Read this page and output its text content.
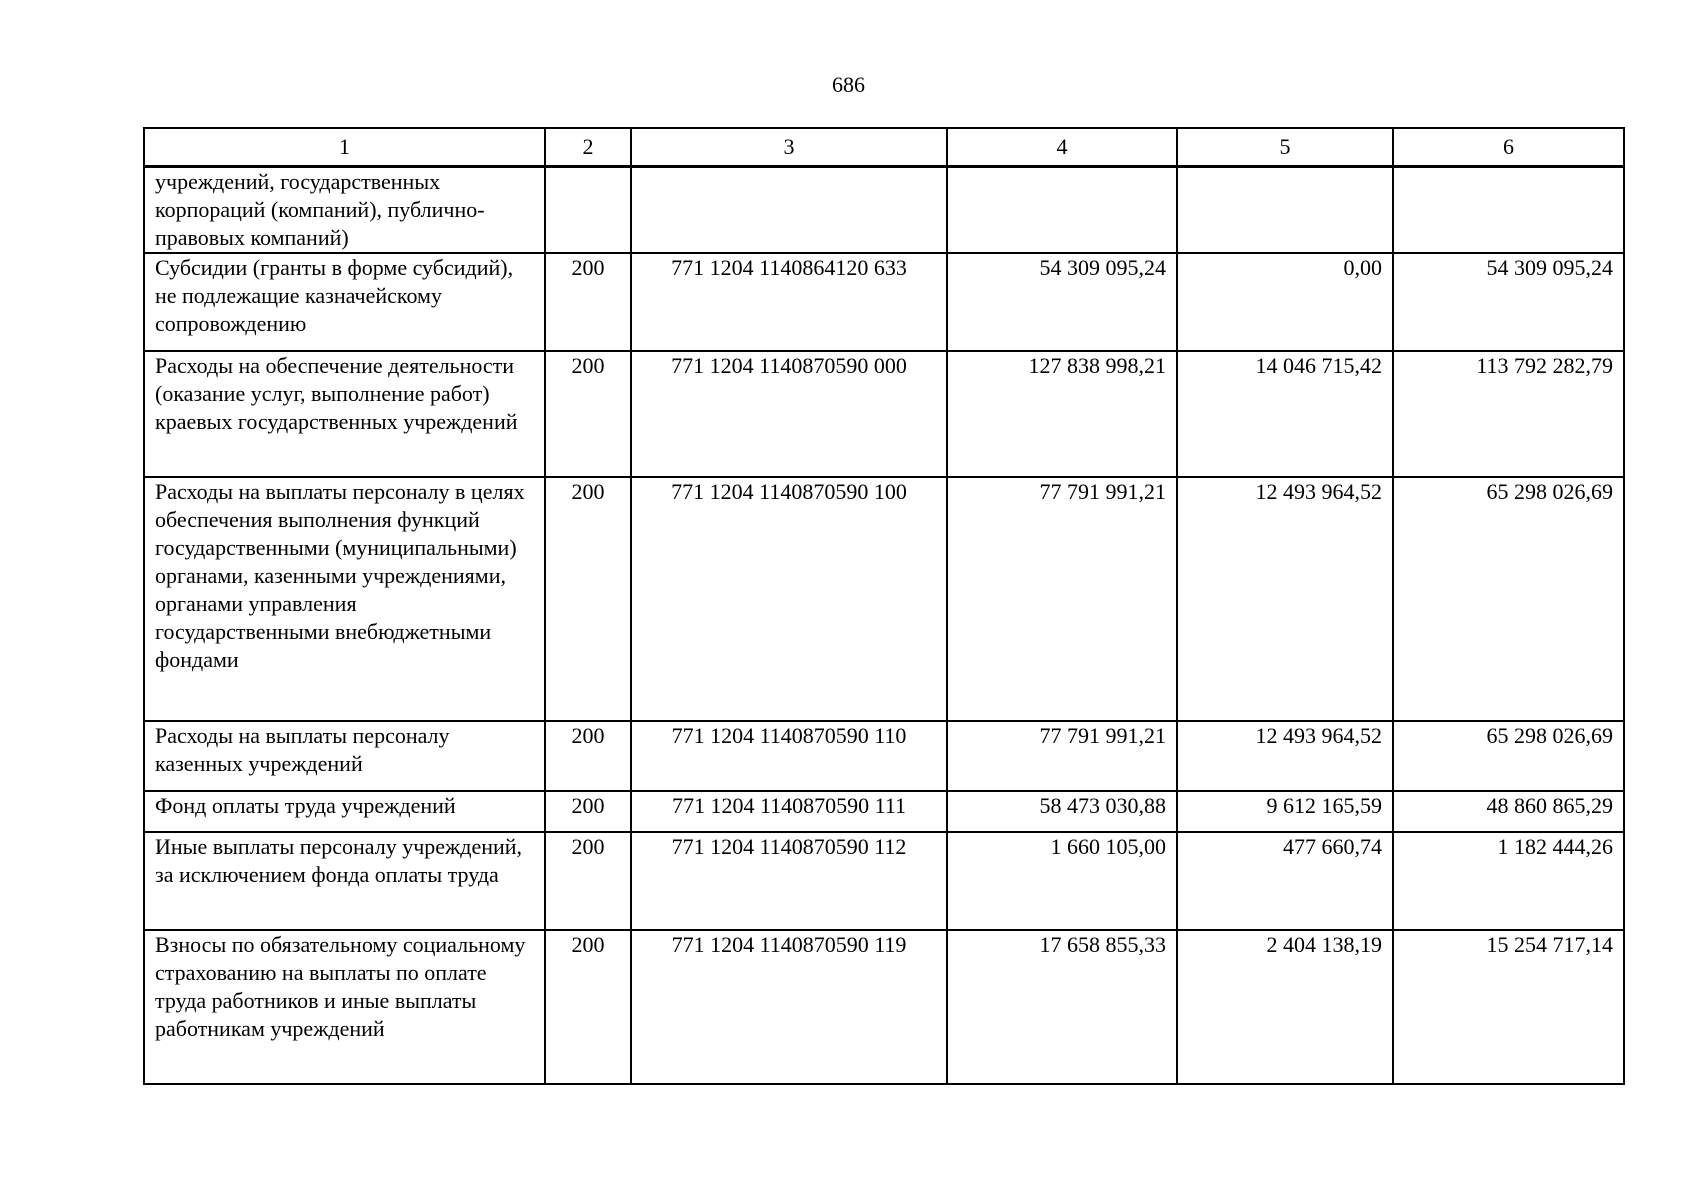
686
1	2	3	4	5	6
учреждений, государственных корпораций (компаний), публично-правовых компаний)					
Субсидии (гранты в форме субсидий), не подлежащие казначейскому сопровождению	200	771 1204 1140864120 633	54 309 095,24	0,00	54 309 095,24
Расходы на обеспечение деятельности (оказание услуг, выполнение работ) краевых государственных учреждений	200	771 1204 1140870590 000	127 838 998,21	14 046 715,42	113 792 282,79
Расходы на выплаты персоналу в целях обеспечения выполнения функций государственными (муниципальными) органами, казенными учреждениями, органами управления государственными внебюджетными фондами	200	771 1204 1140870590 100	77 791 991,21	12 493 964,52	65 298 026,69
Расходы на выплаты персоналу казенных учреждений	200	771 1204 1140870590 110	77 791 991,21	12 493 964,52	65 298 026,69
Фонд оплаты труда учреждений	200	771 1204 1140870590 111	58 473 030,88	9 612 165,59	48 860 865,29
Иные выплаты персоналу учреждений, за исключением фонда оплаты труда	200	771 1204 1140870590 112	1 660 105,00	477 660,74	1 182 444,26
Взносы по обязательному социальному страхованию на выплаты по оплате труда работников и иные выплаты работникам учреждений	200	771 1204 1140870590 119	17 658 855,33	2 404 138,19	15 254 717,14
